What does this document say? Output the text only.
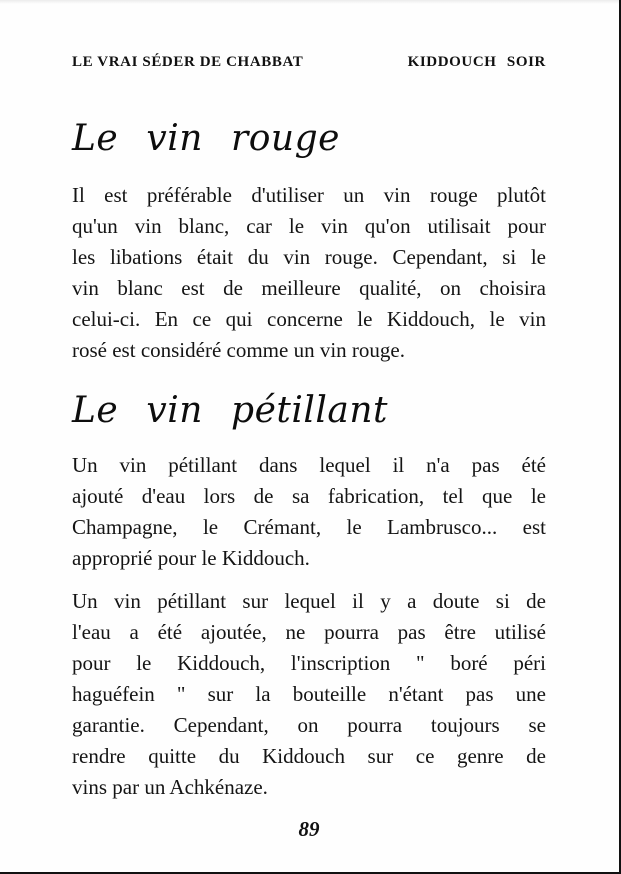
LE VRAI SÉDER DE CHABBAT	KIDDOUCH SOIR
Le vin rouge
Il est préférable d'utiliser un vin rouge plutôt
qu'un vin blanc, car le vin qu'on utilisait pour
les libations était du vin rouge. Cependant, si le
vin blanc est de meilleure qualité, on choisira
celui-ci. En ce qui concerne le Kiddouch, le vin
rosé est considéré comme un vin rouge.
Le vin pétillant
Un vin pétillant dans lequel il n'a pas été
ajouté d'eau lors de sa fabrication, tel que le
Champagne, le Crémant, le Lambrusco... est
approprié pour le Kiddouch.
Un vin pétillant sur lequel il y a doute si de
l'eau a été ajoutée, ne pourra pas être utilisé
pour le Kiddouch, l'inscription " boré péri
haguéfein " sur la bouteille n'étant pas une
garantie. Cependant, on pourra toujours se
rendre quitte du Kiddouch sur ce genre de
vins par un Achkénaze.
89
